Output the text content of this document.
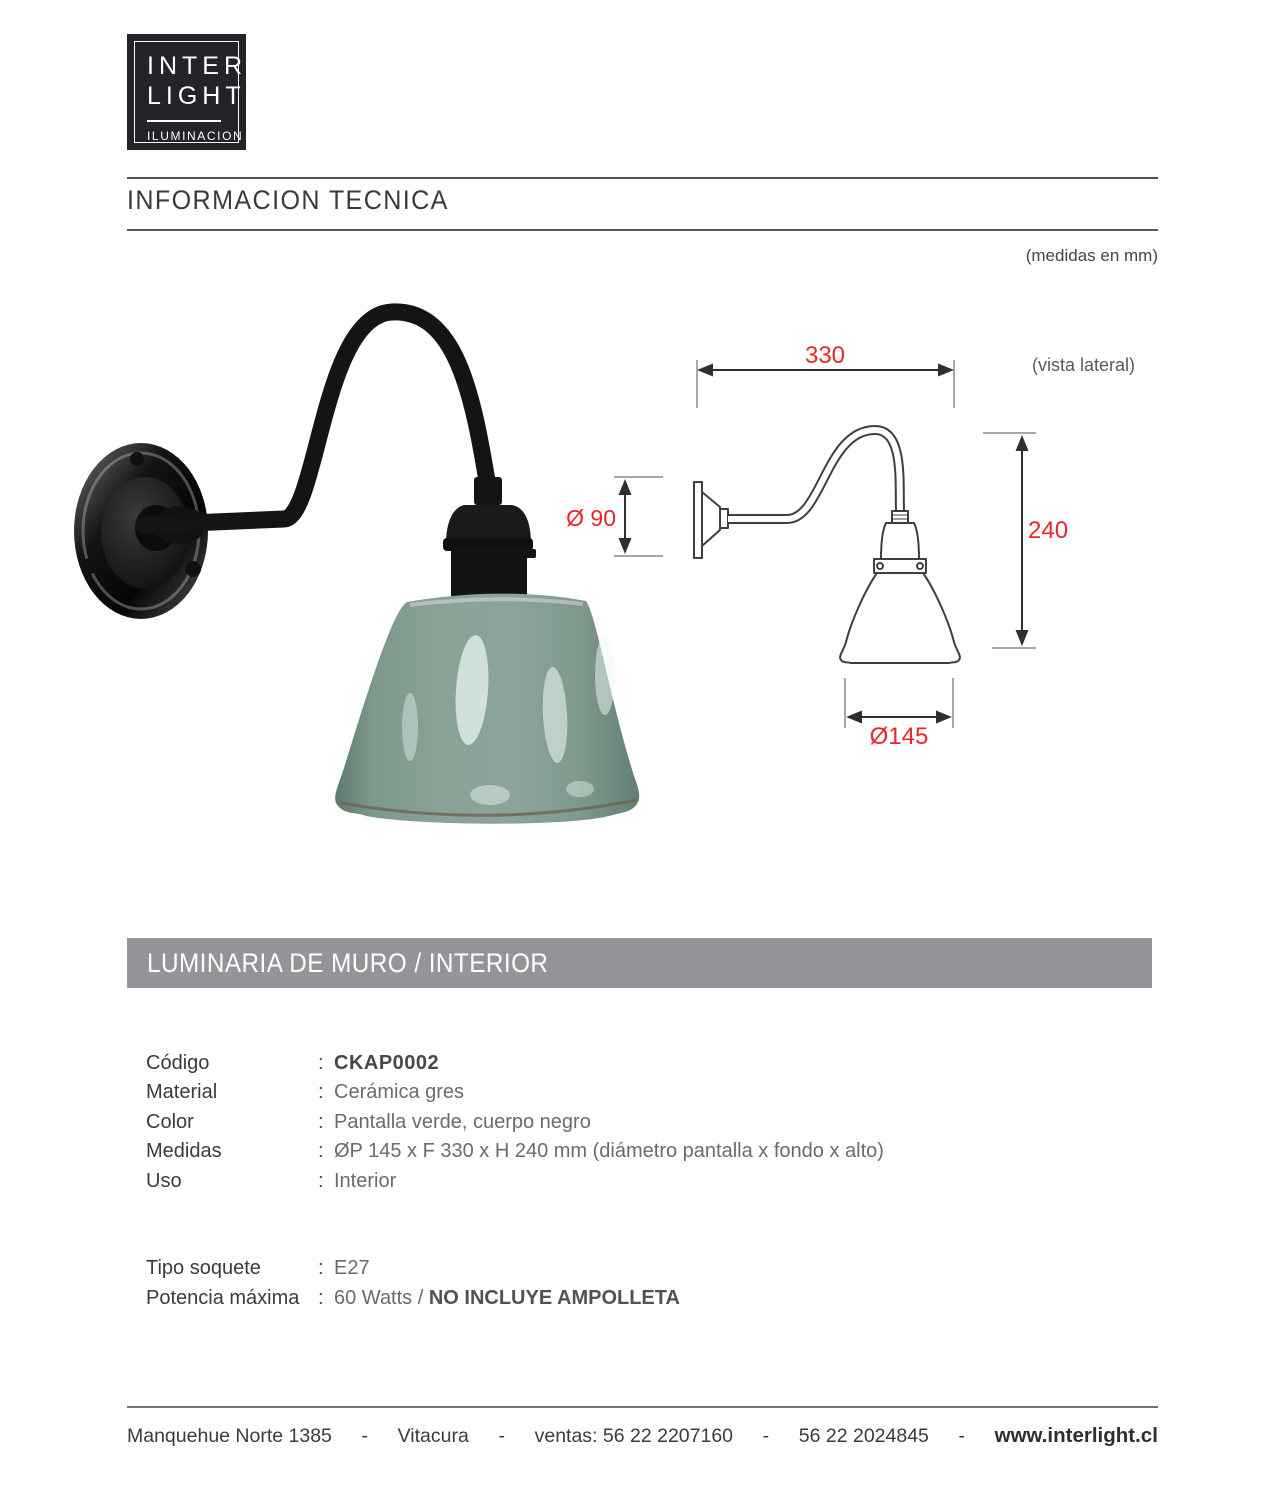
INTER
LIGHT
ILUMINACION
INFORMACION TECNICA
(medidas en mm)
(vista lateral)
330
Ø 90	240
Ø145
LUMINARIA DE MURO / INTERIOR
Código	: CKAP0002
Material	: Cerámica gres
Color	: Pantalla verde, cuerpo negro
Medidas	: ØP 145 x F 330 x H 240 mm (diámetro pantalla x fondo x alto)
Uso	: Interior
Tipo soquete	: E27
Potencia máxima : 60 Watts / NO INCLUYE AMPOLLETA
Manquehue Norte 1385 - Vitacura - ventas: 56 22 2207160 - 56 22 2024845 - www.interlight.cl
